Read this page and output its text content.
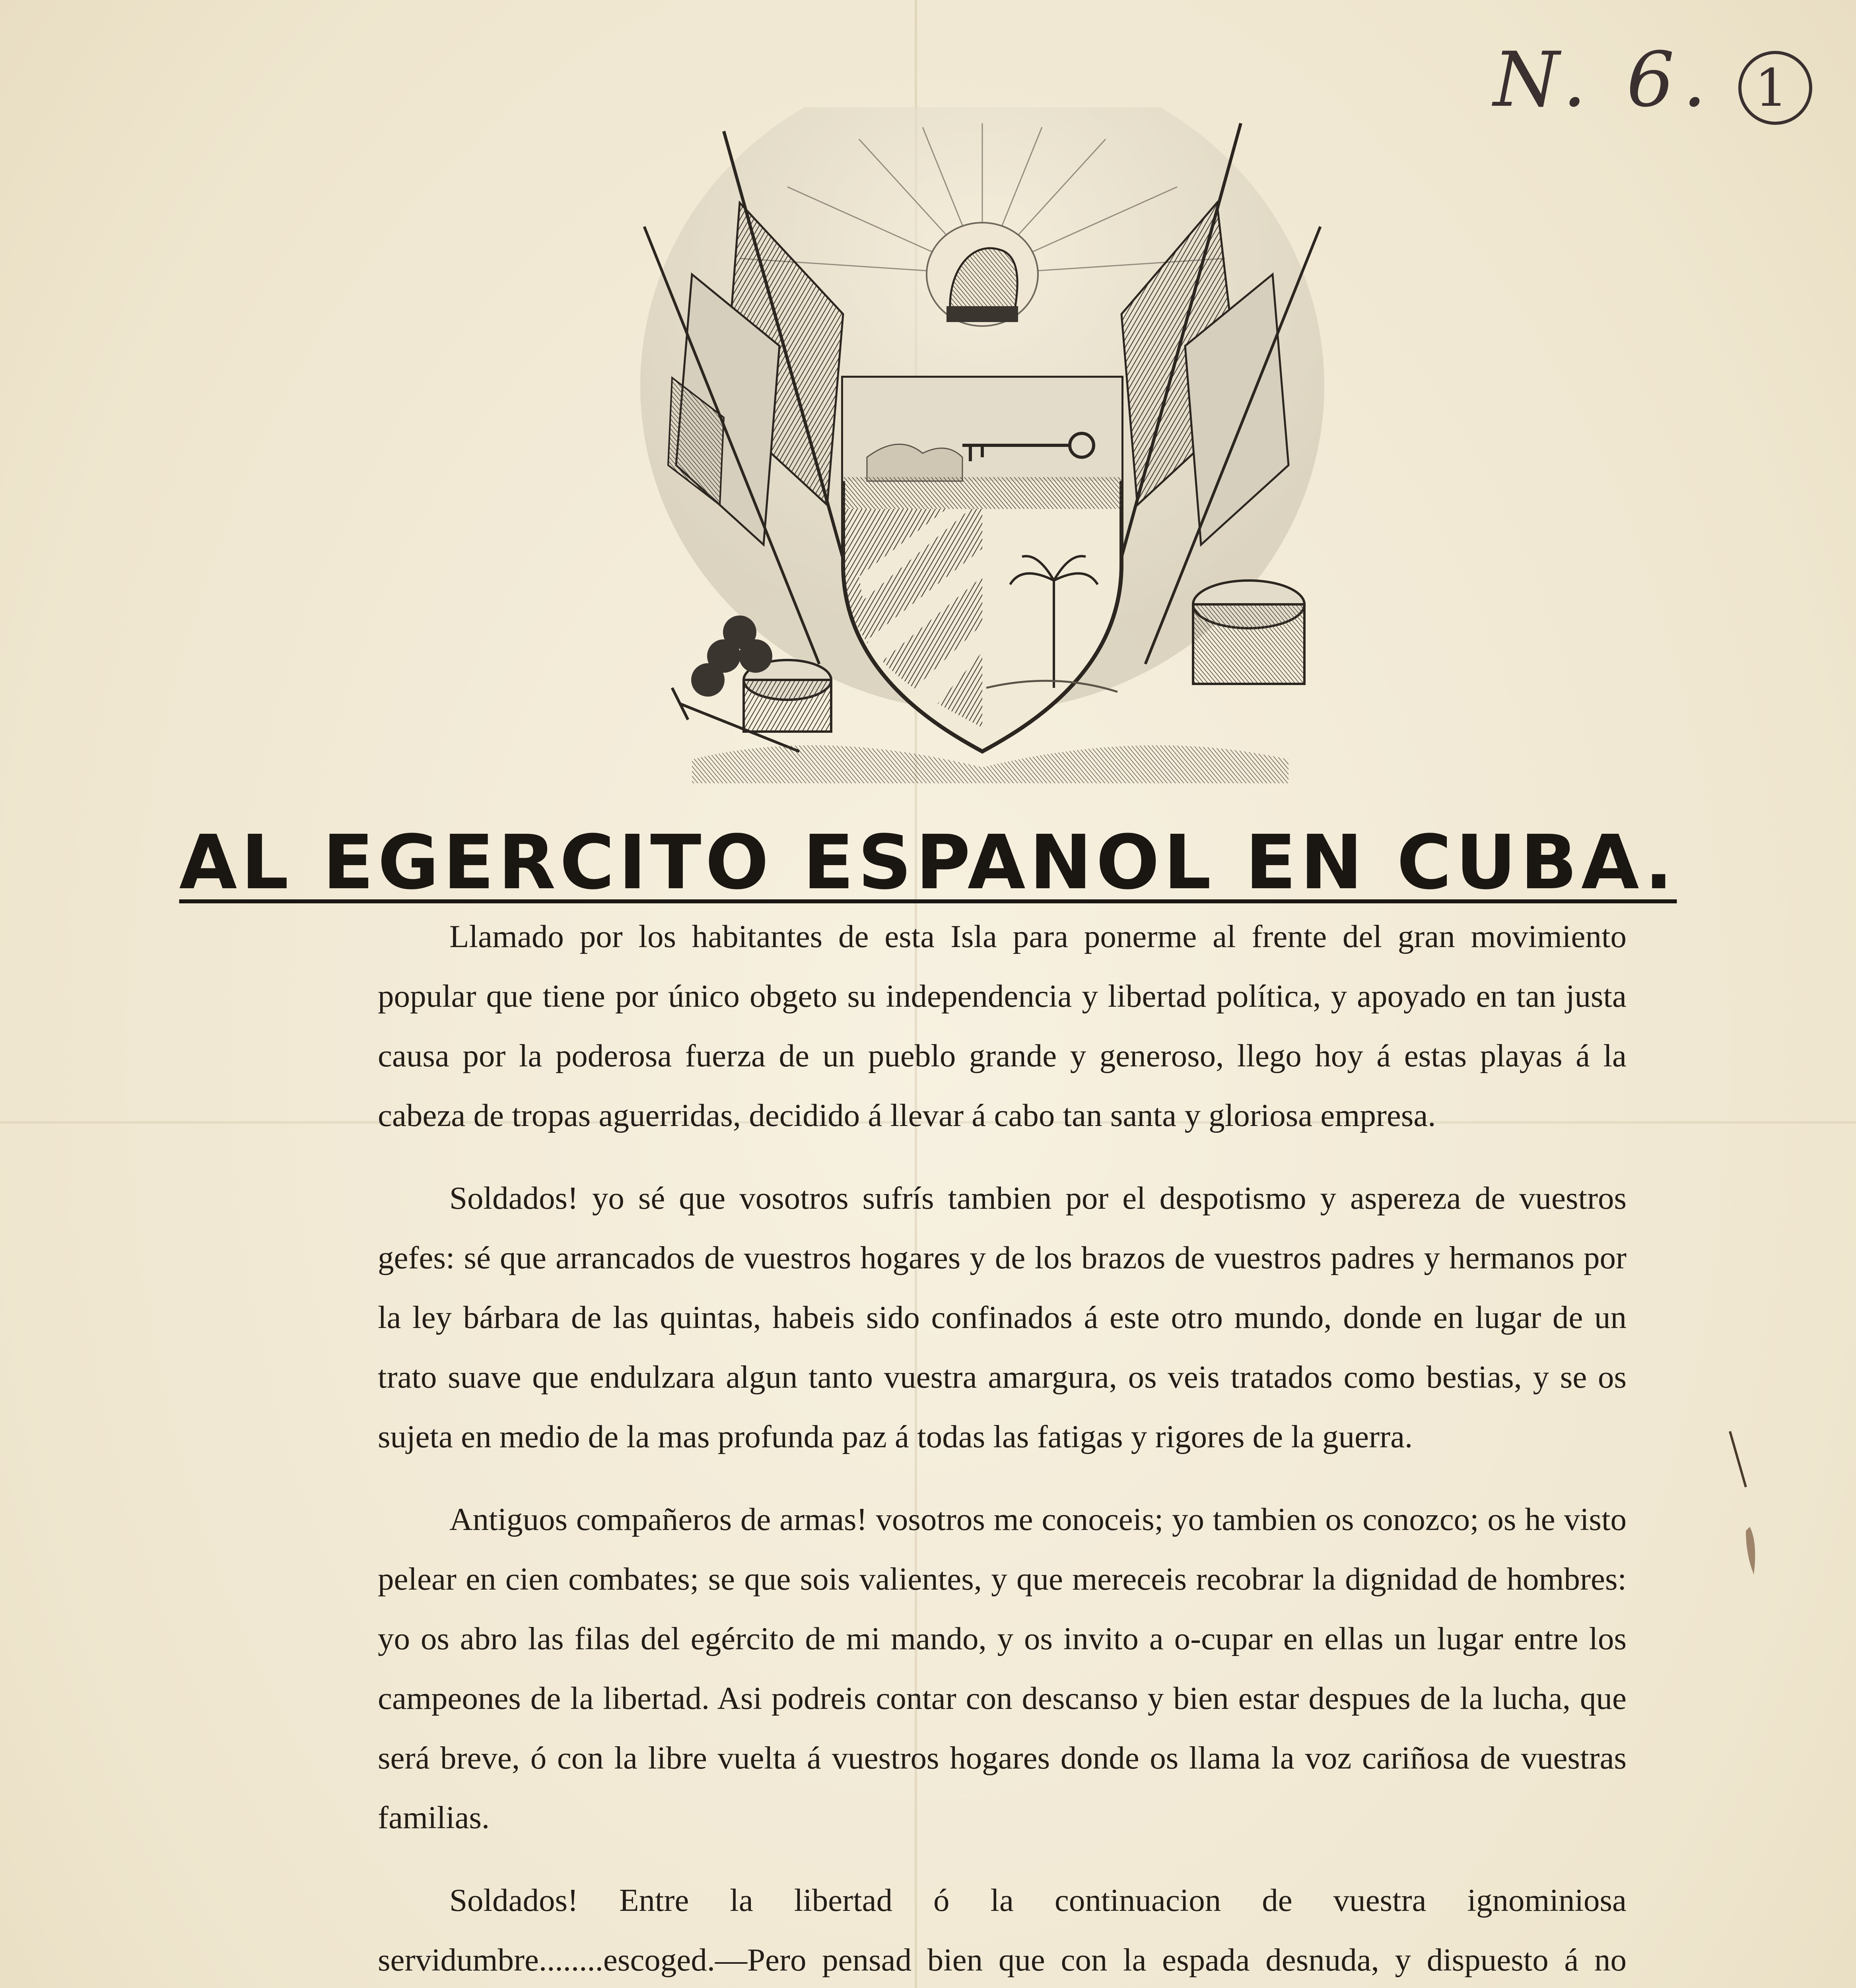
N. 6. 1
AL EGERCITO ESPANOL EN CUBA.

Llamado por los habitantes de esta Isla para ponerme al frente del gran movimiento popular que tiene por único obgeto su independencia y libertad política, y apoyado en tan justa causa por la poderosa fuerza de un pueblo grande y generoso, llego hoy á estas playas á la cabeza de tropas aguerridas, decidido á llevar á cabo tan santa y gloriosa empresa.

Soldados! yo sé que vosotros sufrís tambien por el despotismo y aspereza de vuestros gefes: sé que arrancados de vuestros hogares y de los brazos de vuestros padres y hermanos por la ley bárbara de las quintas, habeis sido confinados á este otro mundo, donde en lugar de un trato suave que endulzara algun tanto vuestra amargura, os veis tratados como bestias, y se os sujeta en medio de la mas profunda paz á todas las fatigas y rigores de la guerra.

Antiguos compañeros de armas! vosotros me conoceis; yo tambien os conozco; os he visto pelear en cien combates; se que sois valientes, y que mereceis recobrar la dignidad de hombres: yo os abro las filas del egército de mi mando, y os invito a o-cupar en ellas un lugar entre los campeones de la libertad. Asi podreis contar con descanso y bien estar despues de la lucha, que será breve, ó con la libre vuelta á vuestros hogares donde os llama la voz cariñosa de vuestras familias.

Soldados! Entre la libertad ó la continuacion de vuestra ignominiosa servidumbre........escoged.—Pero pensad bien que con la espada desnuda, y dispuesto á no
